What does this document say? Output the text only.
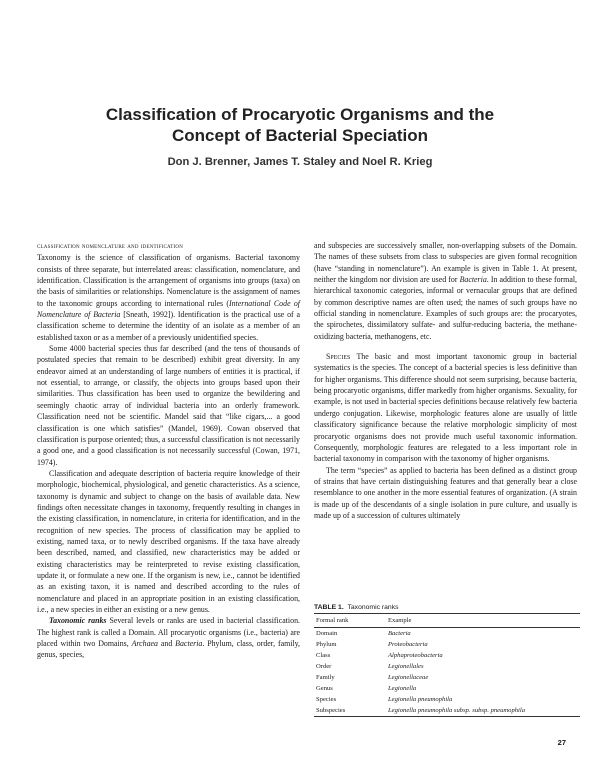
Classification of Procaryotic Organisms and the
Concept of Bacterial Speciation
Don J. Brenner, James T. Staley and Noel R. Krieg
classification nomenclature and identification

Taxonomy is the science of classification of organisms. Bacterial taxonomy consists of three separate, but interrelated areas: classification, nomenclature, and identification. Classification is the arrangement of organisms into groups (taxa) on the basis of similarities or relationships. Nomenclature is the assignment of names to the taxonomic groups according to international rules (International Code of Nomenclature of Bacteria [Sneath, 1992]). Identification is the practical use of a classification scheme to determine the identity of an isolate as a member of an established taxon or as a member of a previously unidentified species.

Some 4000 bacterial species thus far described (and the tens of thousands of postulated species that remain to be described) exhibit great diversity. In any endeavor aimed at an understanding of large numbers of entities it is practical, if not essential, to arrange, or classify, the objects into groups based upon their similarities. Thus classification has been used to organize the bewildering and seemingly chaotic array of individual bacteria into an orderly framework. Classification need not be scientific. Mandel said that “like cigars,... a good classification is one which satisfies” (Mandel, 1969). Cowan observed that classification is purpose oriented; thus, a successful classification is not necessarily a good one, and a good classification is not necessarily successful (Cowan, 1971, 1974).

Classification and adequate description of bacteria require knowledge of their morphologic, biochemical, physiological, and genetic characteristics. As a science, taxonomy is dynamic and subject to change on the basis of available data. New findings often necessitate changes in taxonomy, frequently resulting in changes in the existing classification, in nomenclature, in criteria for identification, and in the recognition of new species. The process of classification may be applied to existing, named taxa, or to newly described organisms. If the taxa have already been described, named, and classified, new characteristics may be added or existing characteristics may be reinterpreted to revise existing classification, update it, or formulate a new one. If the organism is new, i.e., cannot be identified as an existing taxon, it is named and described according to the rules of nomenclature and placed in an appropriate position in an existing classification, i.e., a new species in either an existing or a new genus.

Taxonomic ranks Several levels or ranks are used in bacterial classification. The highest rank is called a Domain. All procaryotic organisms (i.e., bacteria) are placed within two Domains, Archaea and Bacteria. Phylum, class, order, family, genus, species,

and subspecies are successively smaller, non-overlapping subsets of the Domain. The names of these subsets from class to subspecies are given formal recognition (have “standing in nomenclature”). An example is given in Table 1. At present, neither the kingdom nor division are used for Bacteria. In addition to these formal, hierarchical taxonomic categories, informal or vernacular groups that are defined by common descriptive names are often used; the names of such groups have no official standing in nomenclature. Examples of such groups are: the procaryotes, the spirochetes, dissimilatory sulfate- and sulfur-reducing bacteria, the methane-oxidizing bacteria, methanogens, etc.

Species The basic and most important taxonomic group in bacterial systematics is the species. The concept of a bacterial species is less definitive than for higher organisms. This difference should not seem surprising, because bacteria, being procaryotic organisms, differ markedly from higher organisms. Sexuality, for example, is not used in bacterial species definitions because relatively few bacteria undergo conjugation. Likewise, morphologic features alone are usually of little classificatory significance because the relative morphologic simplicity of most procaryotic organisms does not provide much useful taxonomic information. Consequently, morphologic features are relegated to a less important role in bacterial taxonomy in comparison with the taxonomy of higher organisms.

The term “species” as applied to bacteria has been defined as a distinct group of strains that have certain distinguishing features and that generally bear a close resemblance to one another in the more essential features of organization. (A strain is made up of the descendants of a single isolation in pure culture, and usually is made up of a succession of cultures ultimately

TABLE 1. Taxonomic ranks
Formal rank	Example
Domain	Bacteria
Phylum	Proteobacteria
Class	Alphaproteobacteria
Order	Legionellales
Family	Legionellaceae
Genus	Legionella
Species	Legionella pneumophila
Subspecies	Legionella pneumophila subsp. subsp. pneumophila
27
